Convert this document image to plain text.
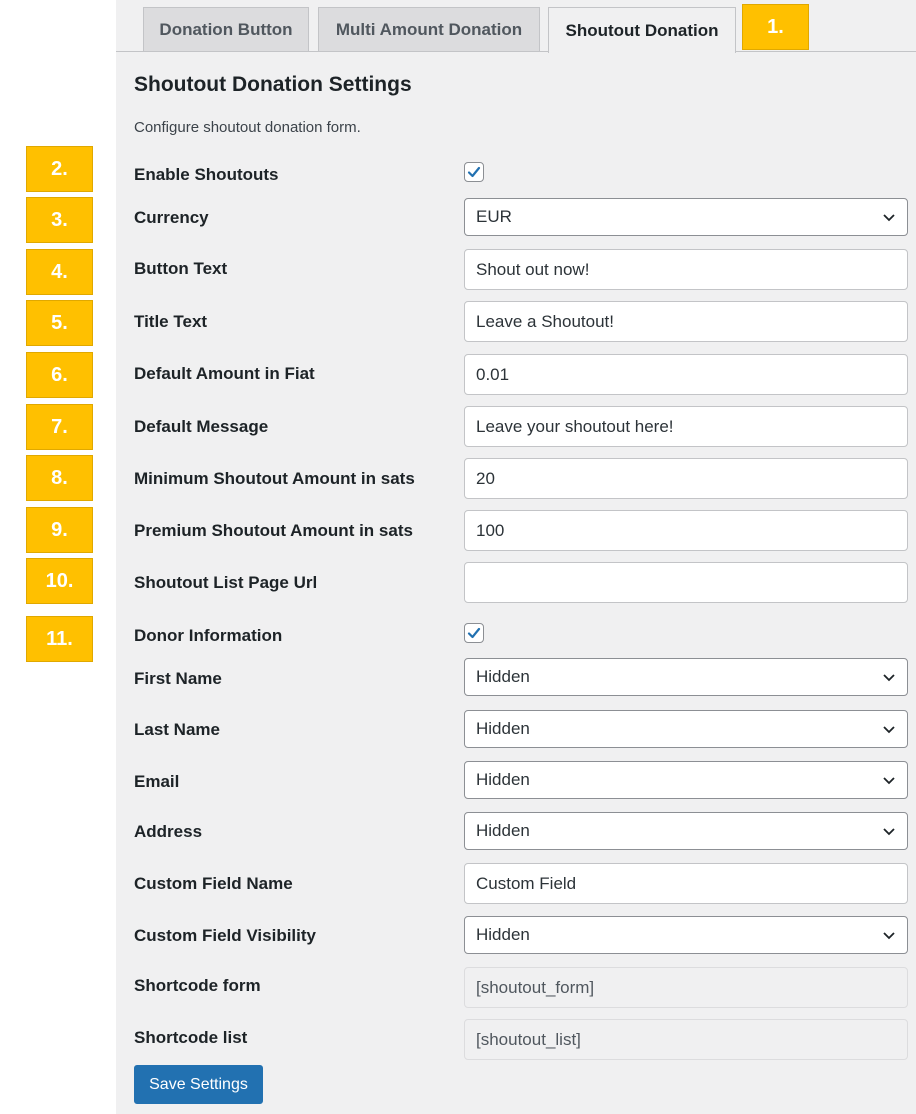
Donation Button	Multi Amount Donation	Shoutout Donation	1.
2.
3.
4.
5.
6.
7.
8.
9.
10.
11.
Shoutout Donation Settings
Configure shoutout donation form.
Enable Shoutouts
Currency	EUR
Button Text	Shout out now!
Title Text	Leave a Shoutout!
Default Amount in Fiat	0.01
Default Message	Leave your shoutout here!
Minimum Shoutout Amount in sats	20
Premium Shoutout Amount in sats	100
Shoutout List Page Url
Donor Information
First Name	Hidden
Last Name	Hidden
Email	Hidden
Address	Hidden
Custom Field Name	Custom Field
Custom Field Visibility	Hidden
Shortcode form	[shoutout_form]
Shortcode list	[shoutout_list]
Save Settings
